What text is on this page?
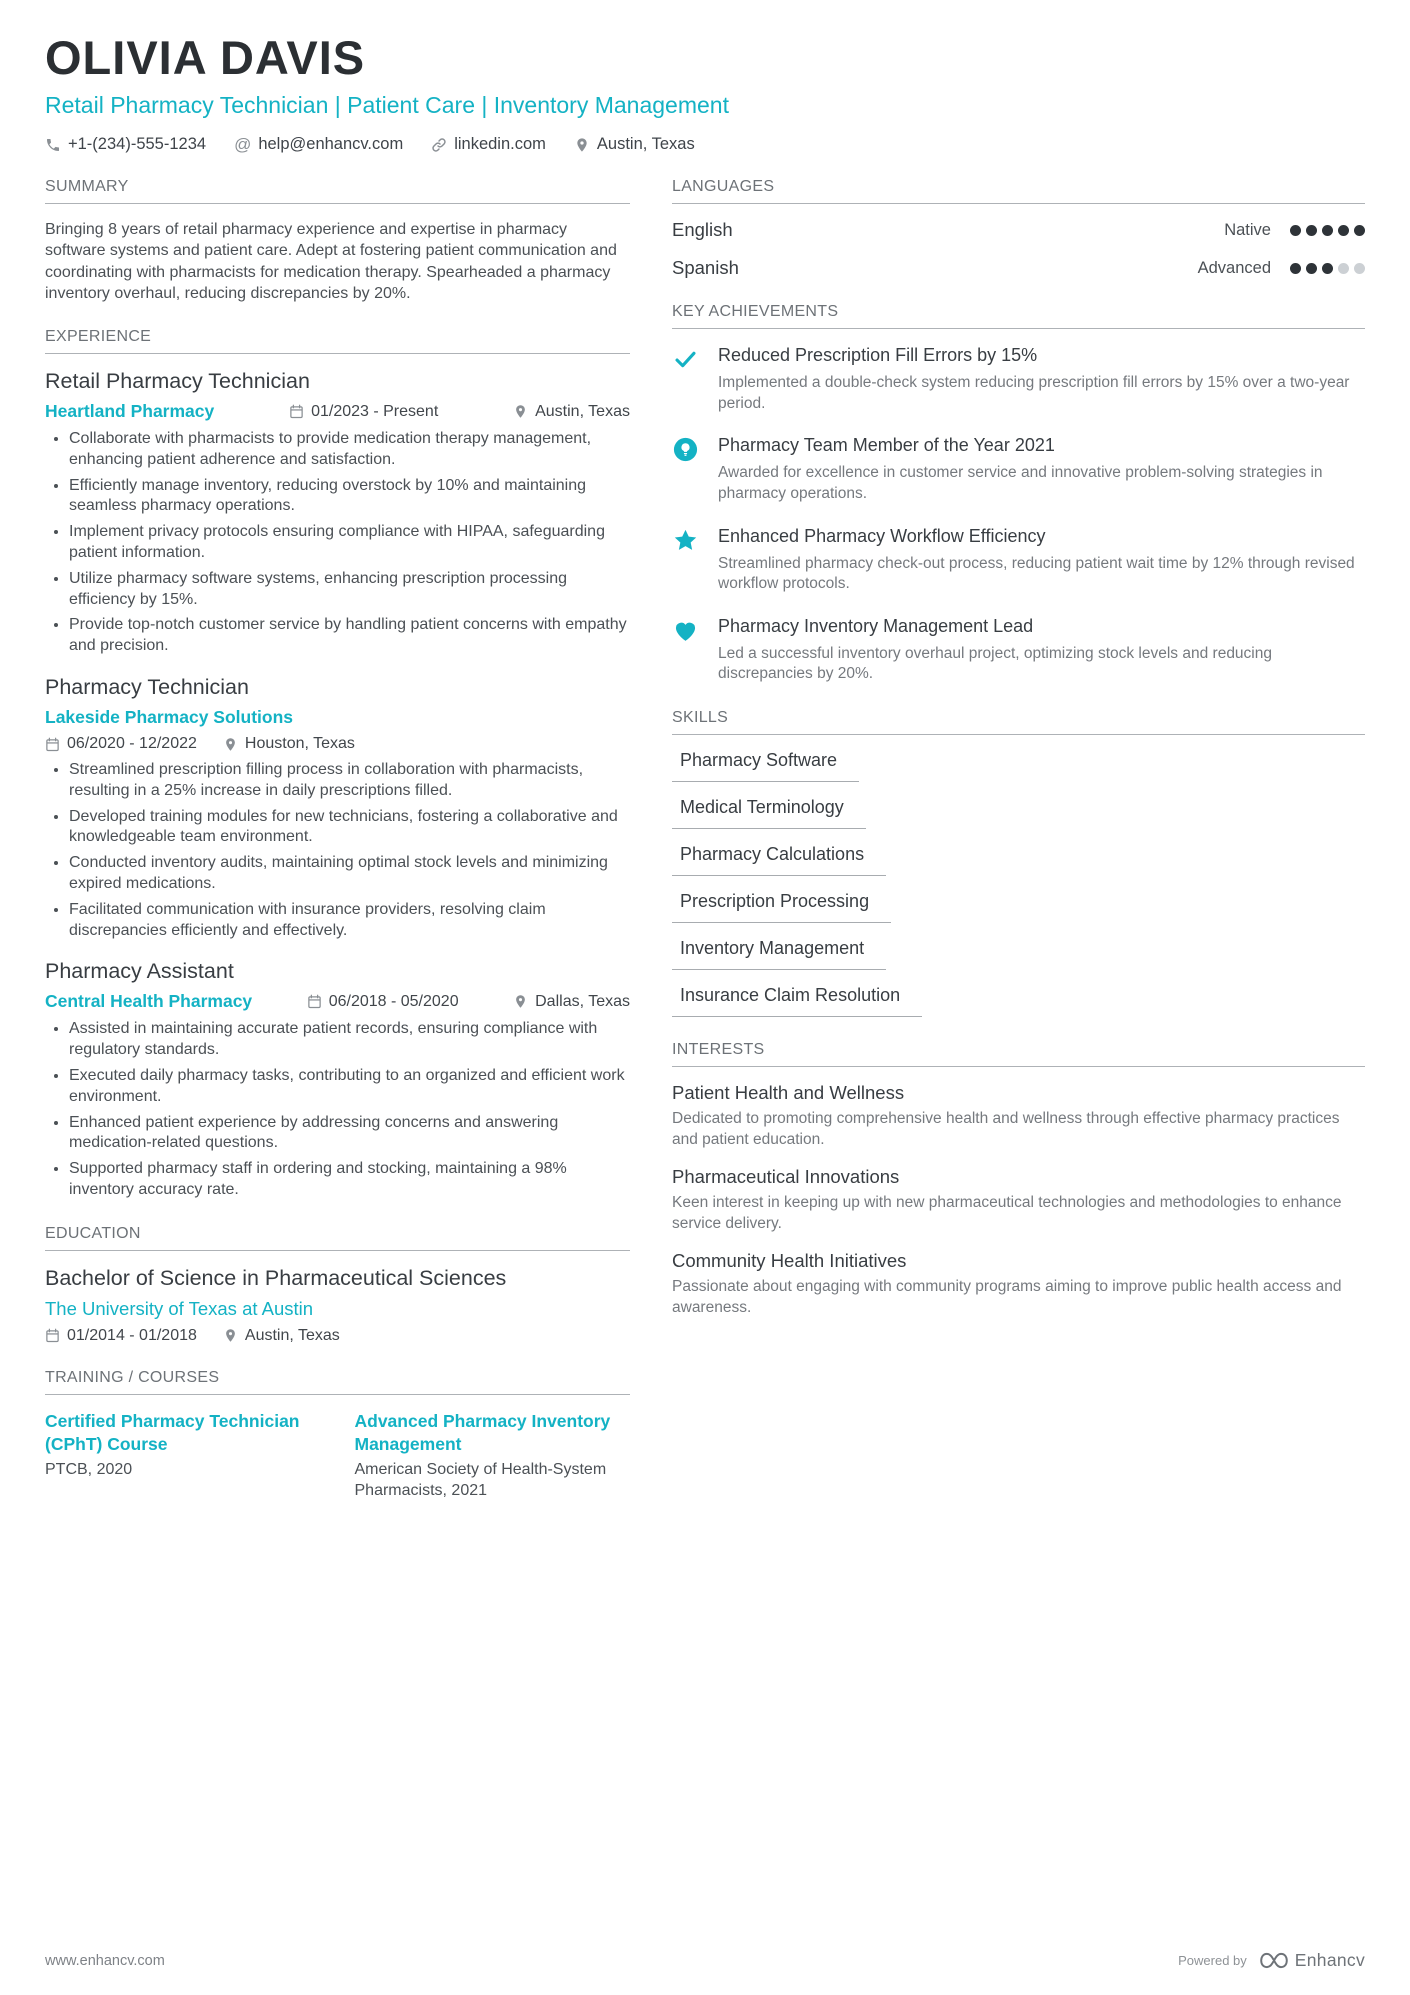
OLIVIA DAVIS
Retail Pharmacy Technician | Patient Care | Inventory Management
+1-(234)-555-1234 @ help@enhancv.com	linkedin.com	Austin, Texas
SUMMARY

Bringing 8 years of retail pharmacy experience and expertise in pharmacy software systems and patient care. Adept at fostering patient communication and coordinating with pharmacists for medication therapy. Spearheaded a pharmacy inventory overhaul, reducing discrepancies by 20%.

EXPERIENCE
Retail Pharmacy Technician
Heartland Pharmacy	01/2023 - Present	Austin, Texas
• Collaborate with pharmacists to provide medication therapy management, enhancing patient adherence and satisfaction.
• Efficiently manage inventory, reducing overstock by 10% and maintaining seamless pharmacy operations.
• Implement privacy protocols ensuring compliance with HIPAA, safeguarding patient information.
• Utilize pharmacy software systems, enhancing prescription processing efficiency by 15%.
• Provide top-notch customer service by handling patient concerns with empathy and precision.
Pharmacy Technician
Lakeside Pharmacy Solutions
06/2020 - 12/2022	Houston, Texas
• Streamlined prescription filling process in collaboration with pharmacists, resulting in a 25% increase in daily prescriptions filled.
• Developed training modules for new technicians, fostering a collaborative and knowledgeable team environment.
• Conducted inventory audits, maintaining optimal stock levels and minimizing expired medications.
• Facilitated communication with insurance providers, resolving claim discrepancies efficiently and effectively.
Pharmacy Assistant
Central Health Pharmacy	06/2018 - 05/2020	Dallas, Texas
• Assisted in maintaining accurate patient records, ensuring compliance with regulatory standards.
• Executed daily pharmacy tasks, contributing to an organized and efficient work environment.
• Enhanced patient experience by addressing concerns and answering medication-related questions.
• Supported pharmacy staff in ordering and stocking, maintaining a 98% inventory accuracy rate.
EDUCATION
Bachelor of Science in Pharmaceutical Sciences
The University of Texas at Austin
01/2014 - 01/2018	Austin, Texas
TRAINING / COURSES
Certified Pharmacy Technician (CPhT) Course
PTCB, 2020
Advanced Pharmacy Inventory Management
American Society of Health-System Pharmacists, 2021
LANGUAGES
English	Native
Spanish	Advanced
KEY ACHIEVEMENTS
Reduced Prescription Fill Errors by 15%

Implemented a double-check system reducing prescription fill errors by 15% over a two-year period.

Pharmacy Team Member of the Year 2021

Awarded for excellence in customer service and innovative problem-solving strategies in pharmacy operations.

Enhanced Pharmacy Workflow Efficiency

Streamlined pharmacy check-out process, reducing patient wait time by 12% through revised workflow protocols.

Pharmacy Inventory Management Lead

Led a successful inventory overhaul project, optimizing stock levels and reducing discrepancies by 20%.

SKILLS
Pharmacy Software
Medical Terminology
Pharmacy Calculations
Prescription Processing
Inventory Management
Insurance Claim Resolution
INTERESTS
Patient Health and Wellness

Dedicated to promoting comprehensive health and wellness through effective pharmacy practices and patient education.

Pharmaceutical Innovations

Keen interest in keeping up with new pharmaceutical technologies and methodologies to enhance service delivery.

Community Health Initiatives

Passionate about engaging with community programs aiming to improve public health access and awareness.

www.enhancv.com	Powered by	Enhancv
